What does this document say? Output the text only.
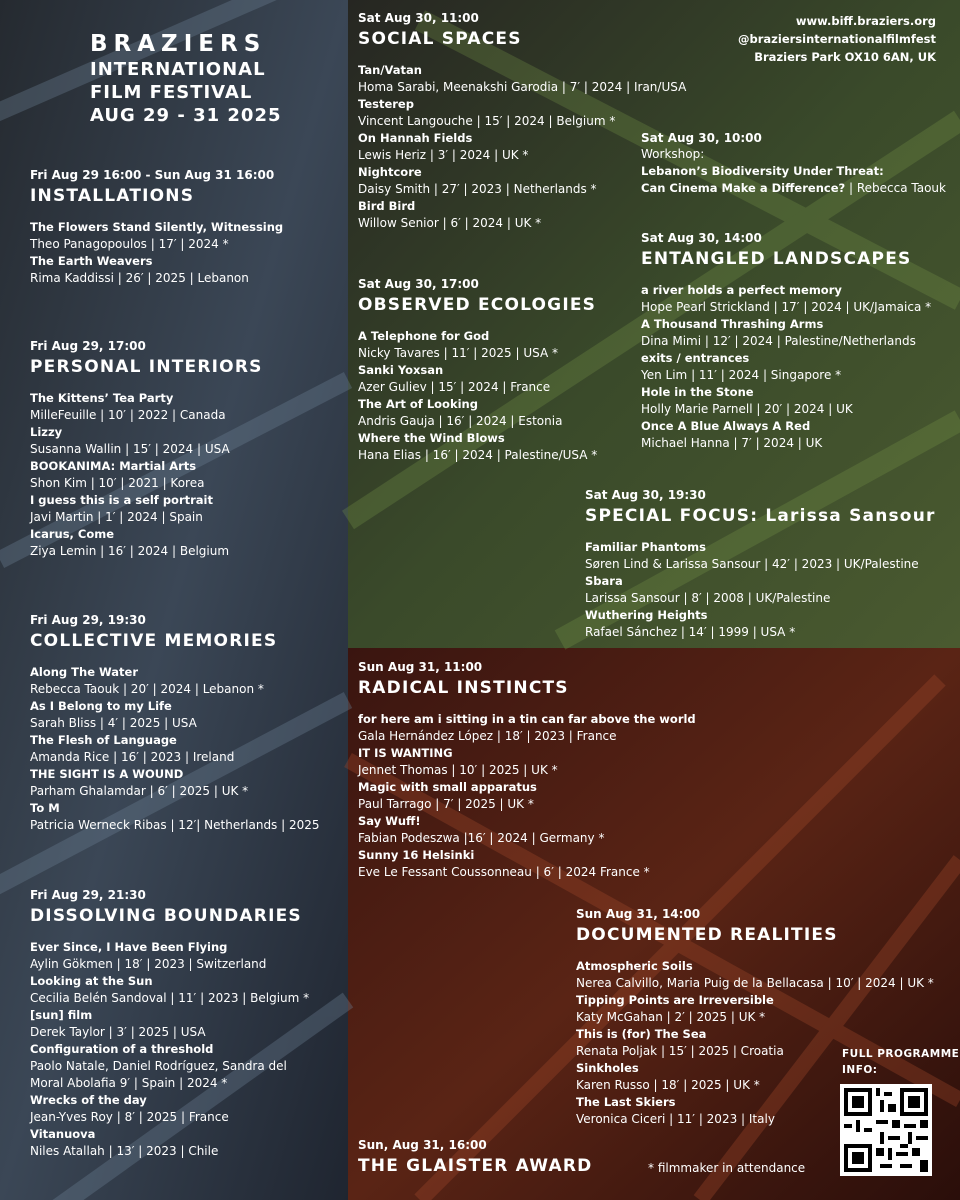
BRAZIERS
INTERNATIONAL
FILM FESTIVAL
AUG 29 - 31 2025
www.biff.braziers.org
@braziersinternationalfilmfest
Braziers Park OX10 6AN, UK
Fri Aug 29 16:00 - Sun Aug 31 16:00
INSTALLATIONS
The Flowers Stand Silently, Witnessing
Theo Panagopoulos | 17′ | 2024 *
The Earth Weavers
Rima Kaddissi | 26⁠′ | 2025 | Lebanon
Fri Aug 29, 17:00
PERSONAL INTERIORS
The Kittens’ Tea Party
MilleFeuille | 10′ | 2022 | Canada
Lizzy
Susanna Wallin | 15′ | 2024 | USA
BOOKANIMA: Martial Arts
Shon Kim | 10′ | 2021 | Korea
I guess this is a self portrait
Javi Martin | 1′ | 2024 | Spain
Icarus, Come
Ziya Lemin | 16′ | 2024 | Belgium
Fri Aug 29, 19:30
COLLECTIVE MEMORIES
Along The Water
Rebecca Taouk | 20′ | 2024 | Lebanon *
As I Belong to my Life
Sarah Bliss | 4′ | 2025 | USA
The Flesh of Language
Amanda Rice | 16′ | 2023 | Ireland
THE SIGHT IS A WOUND
Parham Ghalamdar | 6′ | 2025 | UK *
To M
Patricia Werneck Ribas | 12′| Netherlands | 2025
Fri Aug 29, 21:30
DISSOLVING BOUNDARIES
Ever Since, I Have Been Flying
Aylin Gökmen | 18′ | 2023 | Switzerland
Looking at the Sun
Cecilia Belén Sandoval | 11′ | 2023 | Belgium *
[sun] film
Derek Taylor | 3′ | 2025 | USA
Configuration of a threshold
Paolo Natale, Daniel Rodríguez, Sandra del Moral Abolafia 9′ | Spain | 2024 *
Wrecks of the day
Jean-Yves Roy | 8′ | 2025 | France
Vitanuova
Niles Atallah | 13′ | 2023 | Chile
Sat Aug 30, 11:00
SOCIAL SPACES
Tan/Vatan
Homa Sarabi, Meenakshi Garodia | 7′ | 2024 | Iran/USA
Testerep
Vincent Langouche | 15′ | 2024 | Belgium *
On Hannah Fields
Lewis Heriz | 3′ | 2024 | UK *
Nightcore
Daisy Smith | 27′ | 2023 | Netherlands *
Bird Bird
Willow Senior | 6′ | 2024 | UK *
Sat Aug 30, 17:00
OBSERVED ECOLOGIES
A Telephone for God
Nicky Tavares | 11′ | 2025 | USA *
Sanki Yoxsan
Azer Guliev | 15′ | 2024 | France
The Art of Looking
Andris Gauja | 16′ | 2024 | Estonia
Where the Wind Blows
Hana Elias | 16′ | 2024 | Palestine/USA *
Sat Aug 30, 14:00
ENTANGLED LANDSCAPES
a river holds a perfect memory
Hope Pearl Strickland | 17′ | 2024 | UK/Jamaica *
A Thousand Thrashing Arms
Dina Mimi | 12′ | 2024 | Palestine/Netherlands
exits / entrances
Yen Lim | 11′ | 2024 | Singapore *
Hole in the Stone
Holly Marie Parnell | 20′ | 2024 | UK
Once A Blue Always A Red
Michael Hanna | 7′ | 2024 | UK
Sat Aug 30, 19:30
SPECIAL FOCUS: Larissa Sansour
Familiar Phantoms
Søren Lind & Larissa Sansour | 42′ | 2023 | UK/Palestine
Sbara
Larissa Sansour | 8′ | 2008 | UK/Palestine
Wuthering Heights
Rafael Sánchez | 14′ | 1999 | USA *
Sun Aug 31, 11:00
RADICAL INSTINCTS
for here am i sitting in a tin can far above the world
Gala Hernández López | 18′ | 2023 | France
IT IS WANTING
Jennet Thomas | 10′ | 2025 | UK *
Magic with small apparatus
Paul Tarrago | 7′ | 2025 | UK *
Say Wuff!
Fabian Podeszwa |16′ | 2024 | Germany *
Sunny 16 Helsinki
Eve Le Fessant Coussonneau | 6′ | 2024 France *
Sun Aug 31, 14:00
DOCUMENTED REALITIES
Atmospheric Soils
Nerea Calvillo, Maria Puig de la Bellacasa | 10′ | 2024 | UK *
Tipping Points are Irreversible
Katy McGahan | 2′ | 2025 | UK *
This is (for) The Sea
Renata Poljak | 15′ | 2025 | Croatia
Sinkholes
Karen Russo | 18′ | 2025 | UK *
The Last Skiers
Veronica Ciceri | 11′ | 2023 | Italy
Sat Aug 30, 10:00
Workshop:
Lebanon’s Biodiversity Under Threat:
Can Cinema Make a Difference? | Rebecca Taouk
Sun, Aug 31, 16:00
THE GLAISTER AWARD
FULL PROGRAMME
INFO:
* filmmaker in attendance
